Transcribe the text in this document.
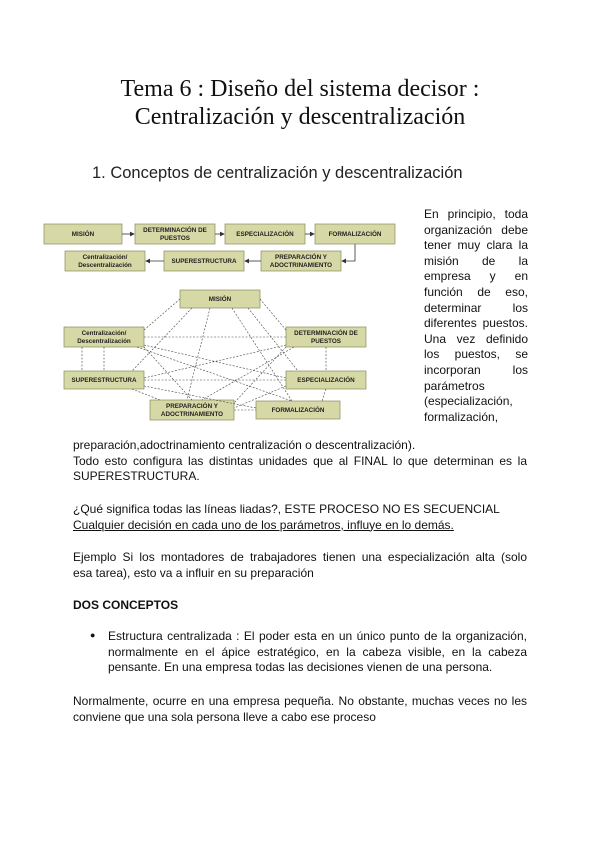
Tema 6 : Diseño del sistema decisor :
Centralización y descentralización
1. Conceptos de centralización y descentralización
MISIÓN
DETERMINACIÓN DE
PUESTOS
ESPECIALIZACIÓN	FORMALIZACIÓN
Centralización/
Descentralización
SUPERESTRUCTURA
PREPARACIÓN Y
ADOCTRINAMIENTO
MISIÓN
Centralización/
Descentralización
DETERMINACIÓN DE
PUESTOS
SUPERESTRUCTURA	ESPECIALIZACIÓN
PREPARACIÓN Y
ADOCTRINAMIENTO
FORMALIZACIÓN
En principio, toda
organización debe
tener muy clara la
misión de la
empresa y en
función de eso,
determinar los
diferentes puestos.
Una vez definido
los puestos, se
incorporan los
parámetros
(especialización,
formalización,
preparación,adoctrinamiento centralización o descentralización).
Todo esto configura las distintas unidades que al FINAL lo que determinan es la
SUPERESTRUCTURA.
¿Qué significa todas las líneas liadas?, ESTE PROCESO NO ES SECUENCIAL
Cualquier decisión en cada uno de los parámetros, influye en lo demás.
Ejemplo Si los montadores de trabajadores tienen una especialización alta (solo
esa tarea), esto va a influir en su preparación
DOS CONCEPTOS
● Estructura centralizada : El poder esta en un único punto de la organización,
normalmente en el ápice estratégico, en la cabeza visible, en la cabeza
pensante. En una empresa todas las decisiones vienen de una persona.
Normalmente, ocurre en una empresa pequeña. No obstante, muchas veces no les
conviene que una sola persona lleve a cabo ese proceso
